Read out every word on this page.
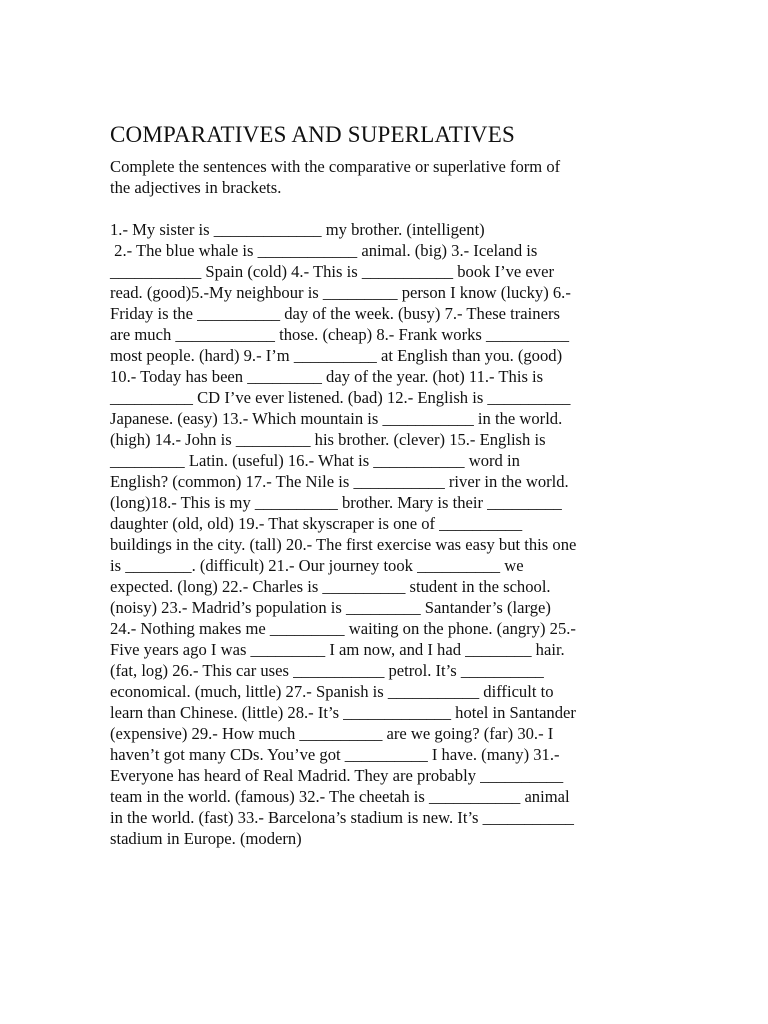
COMPARATIVES AND SUPERLATIVES
Complete the sentences with the comparative or superlative form of
the adjectives in brackets.
1.- My sister is _____________ my brother. (intelligent)
2.- The blue whale is ____________ animal. (big) 3.- Iceland is
___________ Spain (cold) 4.- This is ___________ book I’ve ever
read. (good)5.-My neighbour is _________ person I know (lucky) 6.-
Friday is the __________ day of the week. (busy) 7.- These trainers
are much ____________ those. (cheap) 8.- Frank works __________
most people. (hard) 9.- I’m __________ at English than you. (good)
10.- Today has been _________ day of the year. (hot) 11.- This is
__________ CD I’ve ever listened. (bad) 12.- English is __________
Japanese. (easy) 13.- Which mountain is ___________ in the world.
(high) 14.- John is _________ his brother. (clever) 15.- English is
_________ Latin. (useful) 16.- What is ___________ word in
English? (common) 17.- The Nile is ___________ river in the world.
(long)18.- This is my __________ brother. Mary is their _________
daughter (old, old) 19.- That skyscraper is one of __________
buildings in the city. (tall) 20.- The first exercise was easy but this one
is ________. (difficult) 21.- Our journey took __________ we
expected. (long) 22.- Charles is __________ student in the school.
(noisy) 23.- Madrid’s population is _________ Santander’s (large)
24.- Nothing makes me _________ waiting on the phone. (angry) 25.-
Five years ago I was _________ I am now, and I had ________ hair.
(fat, log) 26.- This car uses ___________ petrol. It’s __________
economical. (much, little) 27.- Spanish is ___________ difficult to
learn than Chinese. (little) 28.- It’s _____________ hotel in Santander
(expensive) 29.- How much __________ are we going? (far) 30.- I
haven’t got many CDs. You’ve got __________ I have. (many) 31.-
Everyone has heard of Real Madrid. They are probably __________
team in the world. (famous) 32.- The cheetah is ___________ animal
in the world. (fast) 33.- Barcelona’s stadium is new. It’s ___________
stadium in Europe. (modern)
